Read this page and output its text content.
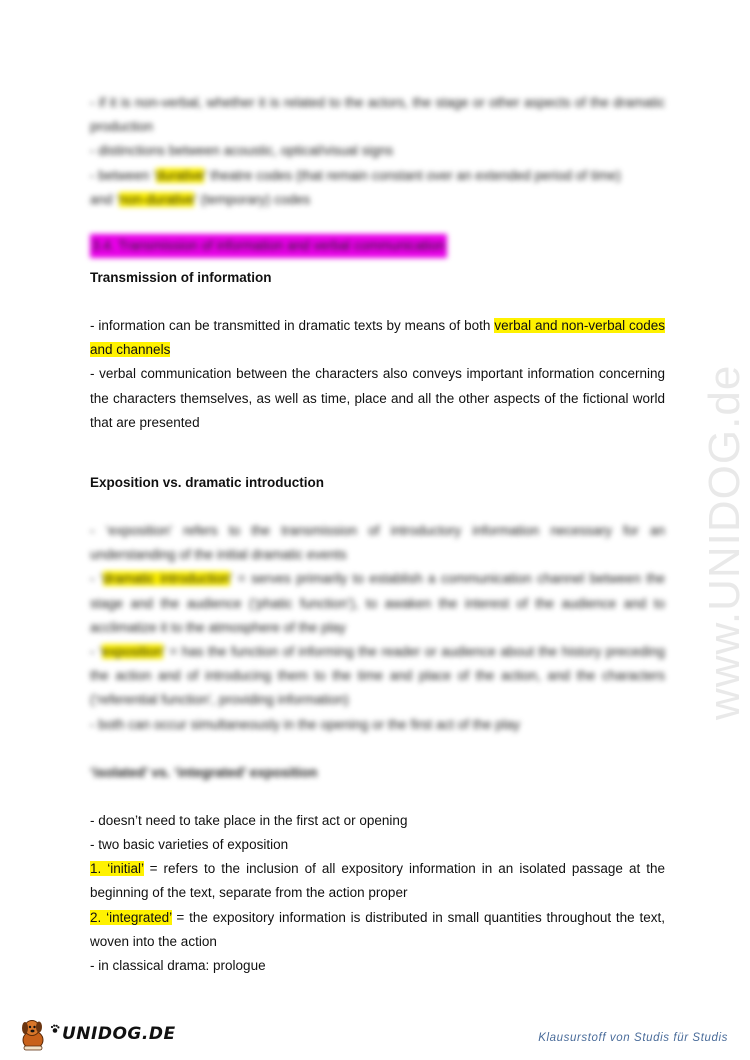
www.UNIDOG.de

- if it is non-verbal, whether it is related to the actors, the stage or other aspects of the dramatic production

- distinctions between acoustic, optical/visual signs

- between ‘durative’ theatre codes (that remain constant over an extended period of time)

and ‘non-durative’ (temporary) codes

3.4. Transmission of information and verbal communication
Transmission of information

- information can be transmitted in dramatic texts by means of both verbal and non-verbal codes and channels

- verbal communication between the characters also conveys important information concerning the characters themselves, as well as time, place and all the other aspects of the fictional world that are presented

Exposition vs. dramatic introduction

- ‘exposition’ refers to the transmission of introductory information necessary for an understanding of the initial dramatic events

- ‘dramatic introduction’ = serves primarily to establish a communication channel between the stage and the audience (‘phatic function’), to awaken the interest of the audience and to acclimatize it to the atmosphere of the play

- ‘exposition’ = has the function of informing the reader or audience about the history preceding the action and of introducing them to the time and place of the action, and the characters (‘referential function’, providing information)

- both can occur simultaneously in the opening or the first act of the play

‘isolated’ vs. ‘integrated’ exposition

- doesn’t need to take place in the first act or opening

- two basic varieties of exposition

1. ‘initial’ = refers to the inclusion of all expository information in an isolated passage at the beginning of the text, separate from the action proper

2. ‘integrated’ = the expository information is distributed in small quantities throughout the text, woven into the action

- in classical drama: prologue

UNIDOG.DE	Klausurstoff von Studis für Studis
